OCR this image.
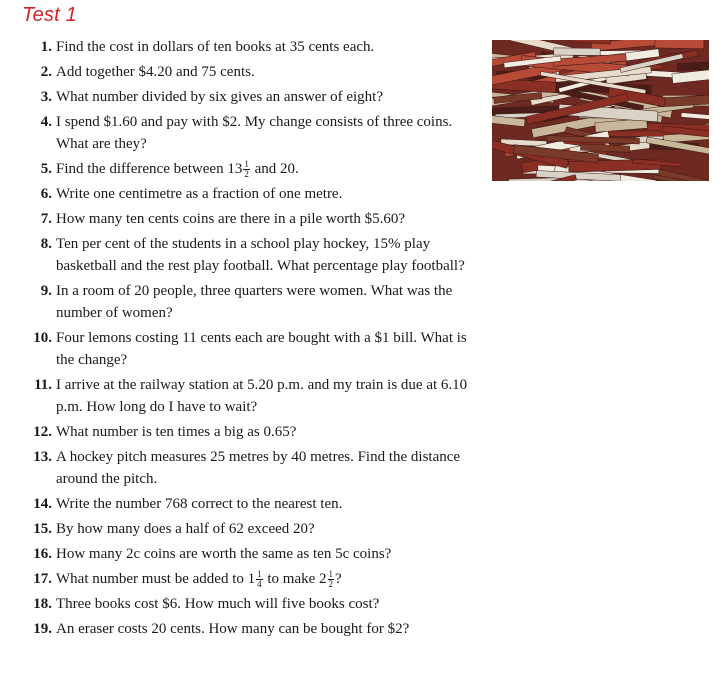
Test 1
1. Find the cost in dollars of ten books at 35 cents each.
2. Add together $4.20 and 75 cents.
3. What number divided by six gives an answer of eight?
4. I spend $1.60 and pay with $2. My change consists of three coins. What are they?
5. Find the difference between $13 \frac{1}{2}$ and 20.
6. Write one centimetre as a fraction of one metre.
7. How many ten cents coins are there in a pile worth $5.60?
8. Ten per cent of the students in a school play hockey, 15% play basketball and the rest play football. What percentage play football?
9. In a room of 20 people, three quarters were women. What was the number of women?
10. Four lemons costing 11 cents each are bought with a $1 bill. What is the change?
11. I arrive at the railway station at 5.20 p.m. and my train is due at 6.10 p.m. How long do I have to wait?
12. What number is ten times a big as 0.65?
13. A hockey pitch measures 25 metres by 40 metres. Find the distance around the pitch.
14. Write the number 768 correct to the nearest ten.
15. By how many does a half of 62 exceed 20?
16. How many 2c coins are worth the same as ten 5c coins?
17. What number must be added to $1 \frac{1}{4}$ to make $2 \frac{1}{2}$ ?
18. Three books cost $6. How much will five books cost?
19. An eraser costs 20 cents. How many can be bought for $2?
